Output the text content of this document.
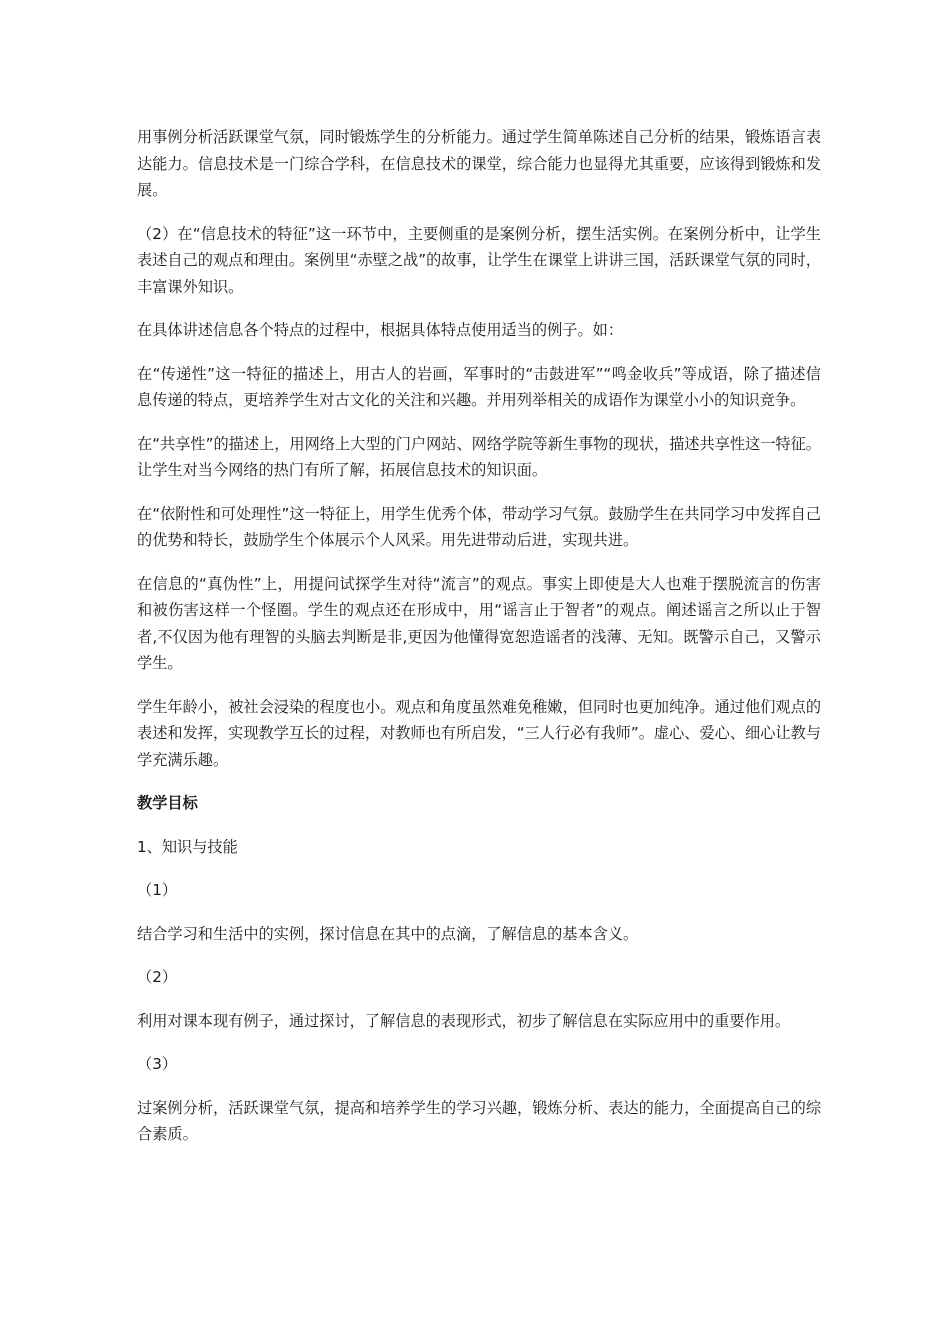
用事例分析活跃课堂气氛，同时锻炼学生的分析能力。通过学生简单陈述自己分析的结果，锻炼语言表达能力。信息技术是一门综合学科，在信息技术的课堂，综合能力也显得尤其重要，应该得到锻炼和发展。

（2）在“信息技术的特征”这一环节中，主要侧重的是案例分析，摆生活实例。在案例分析中，让学生表述自己的观点和理由。案例里“赤壁之战”的故事，让学生在课堂上讲讲三国，活跃课堂气氛的同时，丰富课外知识。

在具体讲述信息各个特点的过程中，根据具体特点使用适当的例子。如：

在“传递性”这一特征的描述上，用古人的岩画，军事时的“击鼓进军”“鸣金收兵”等成语，除了描述信息传递的特点，更培养学生对古文化的关注和兴趣。并用列举相关的成语作为课堂小小的知识竞争。

在“共享性”的描述上，用网络上大型的门户网站、网络学院等新生事物的现状，描述共享性这一特征。让学生对当今网络的热门有所了解，拓展信息技术的知识面。

在“依附性和可处理性”这一特征上，用学生优秀个体，带动学习气氛。鼓励学生在共同学习中发挥自己的优势和特长，鼓励学生个体展示个人风采。用先进带动后进，实现共进。

在信息的“真伪性”上，用提问试探学生对待“流言”的观点。事实上即使是大人也难于摆脱流言的伤害和被伤害这样一个怪圈。学生的观点还在形成中，用“谣言止于智者”的观点。阐述谣言之所以止于智者,不仅因为他有理智的头脑去判断是非,更因为他懂得宽恕造谣者的浅薄、无知。既警示自己，又警示学生。

学生年龄小，被社会浸染的程度也小。观点和角度虽然难免稚嫩，但同时也更加纯净。通过他们观点的表述和发挥，实现教学互长的过程，对教师也有所启发，“三人行必有我师”。虚心、爱心、细心让教与学充满乐趣。

教学目标

1、知识与技能

（1）

结合学习和生活中的实例，探讨信息在其中的点滴，了解信息的基本含义。

（2）

利用对课本现有例子，通过探讨，了解信息的表现形式，初步了解信息在实际应用中的重要作用。

（3）

过案例分析，活跃课堂气氛，提高和培养学生的学习兴趣，锻炼分析、表达的能力，全面提高自己的综合素质。
